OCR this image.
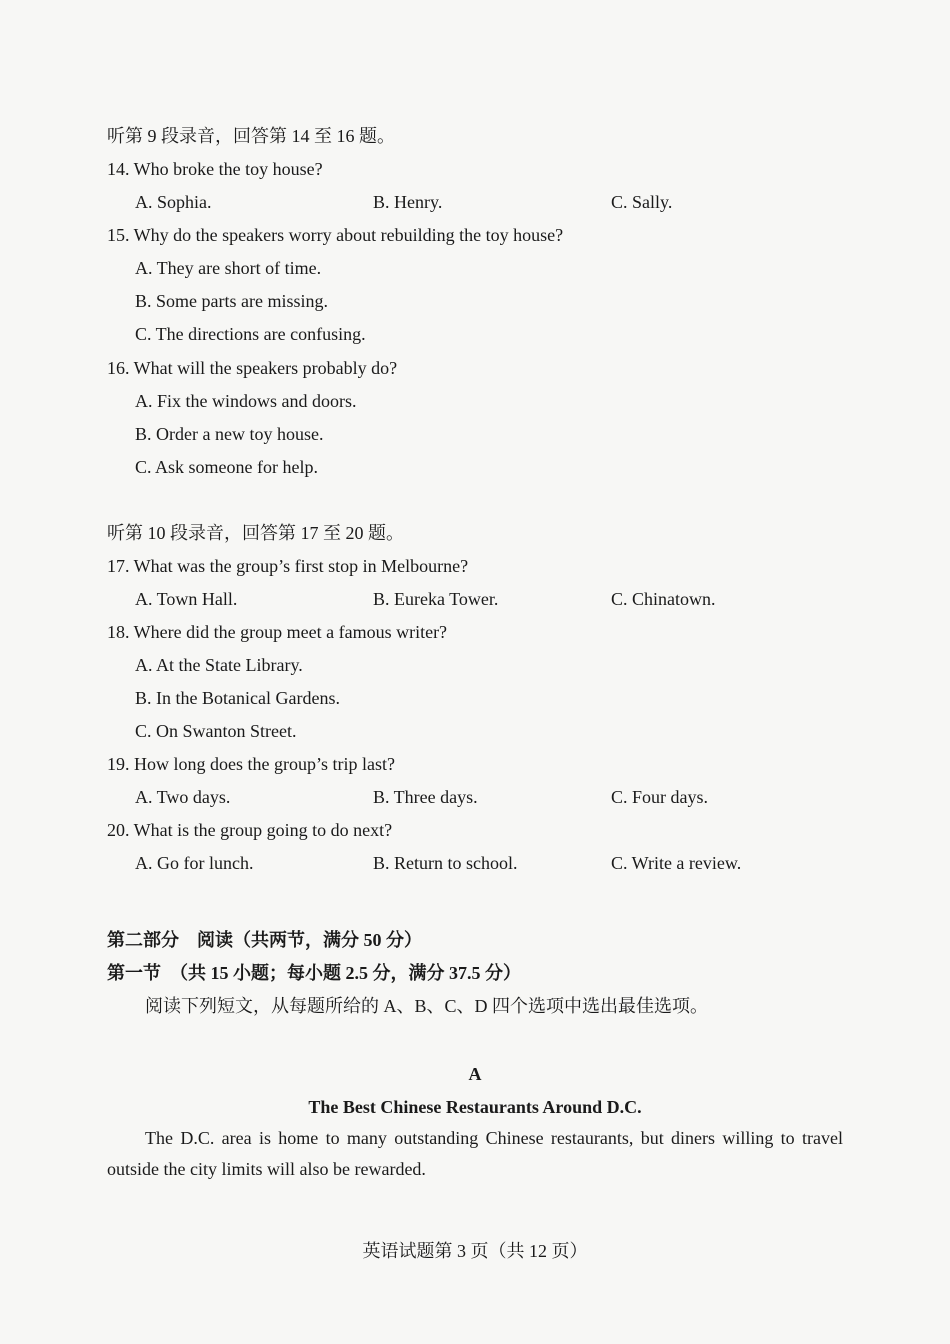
听第 9 段录音，回答第 14 至 16 题。
14. Who broke the toy house?
A. Sophia.	B. Henry.	C. Sally.
15. Why do the speakers worry about rebuilding the toy house?
A. They are short of time.
B. Some parts are missing.
C. The directions are confusing.
16. What will the speakers probably do?
A. Fix the windows and doors.
B. Order a new toy house.
C. Ask someone for help.
听第 10 段录音，回答第 17 至 20 题。
17. What was the group’s first stop in Melbourne?
A. Town Hall.	B. Eureka Tower.	C. Chinatown.
18. Where did the group meet a famous writer?
A. At the State Library.
B. In the Botanical Gardens.
C. On Swanton Street.
19. How long does the group’s trip last?
A. Two days.	B. Three days.	C. Four days.
20. What is the group going to do next?
A. Go for lunch.	B. Return to school.	C. Write a review.
第二部分　阅读（共两节，满分 50 分）
第一节　（共 15 小题；每小题 2.5 分，满分 37.5 分）
阅读下列短文，从每题所给的 A、B、C、D 四个选项中选出最佳选项。
A
The Best Chinese Restaurants Around D.C.
The D.C. area is home to many outstanding Chinese restaurants, but diners willing to travel outside the city limits will also be rewarded.
英语试题第 3 页（共 12 页）
